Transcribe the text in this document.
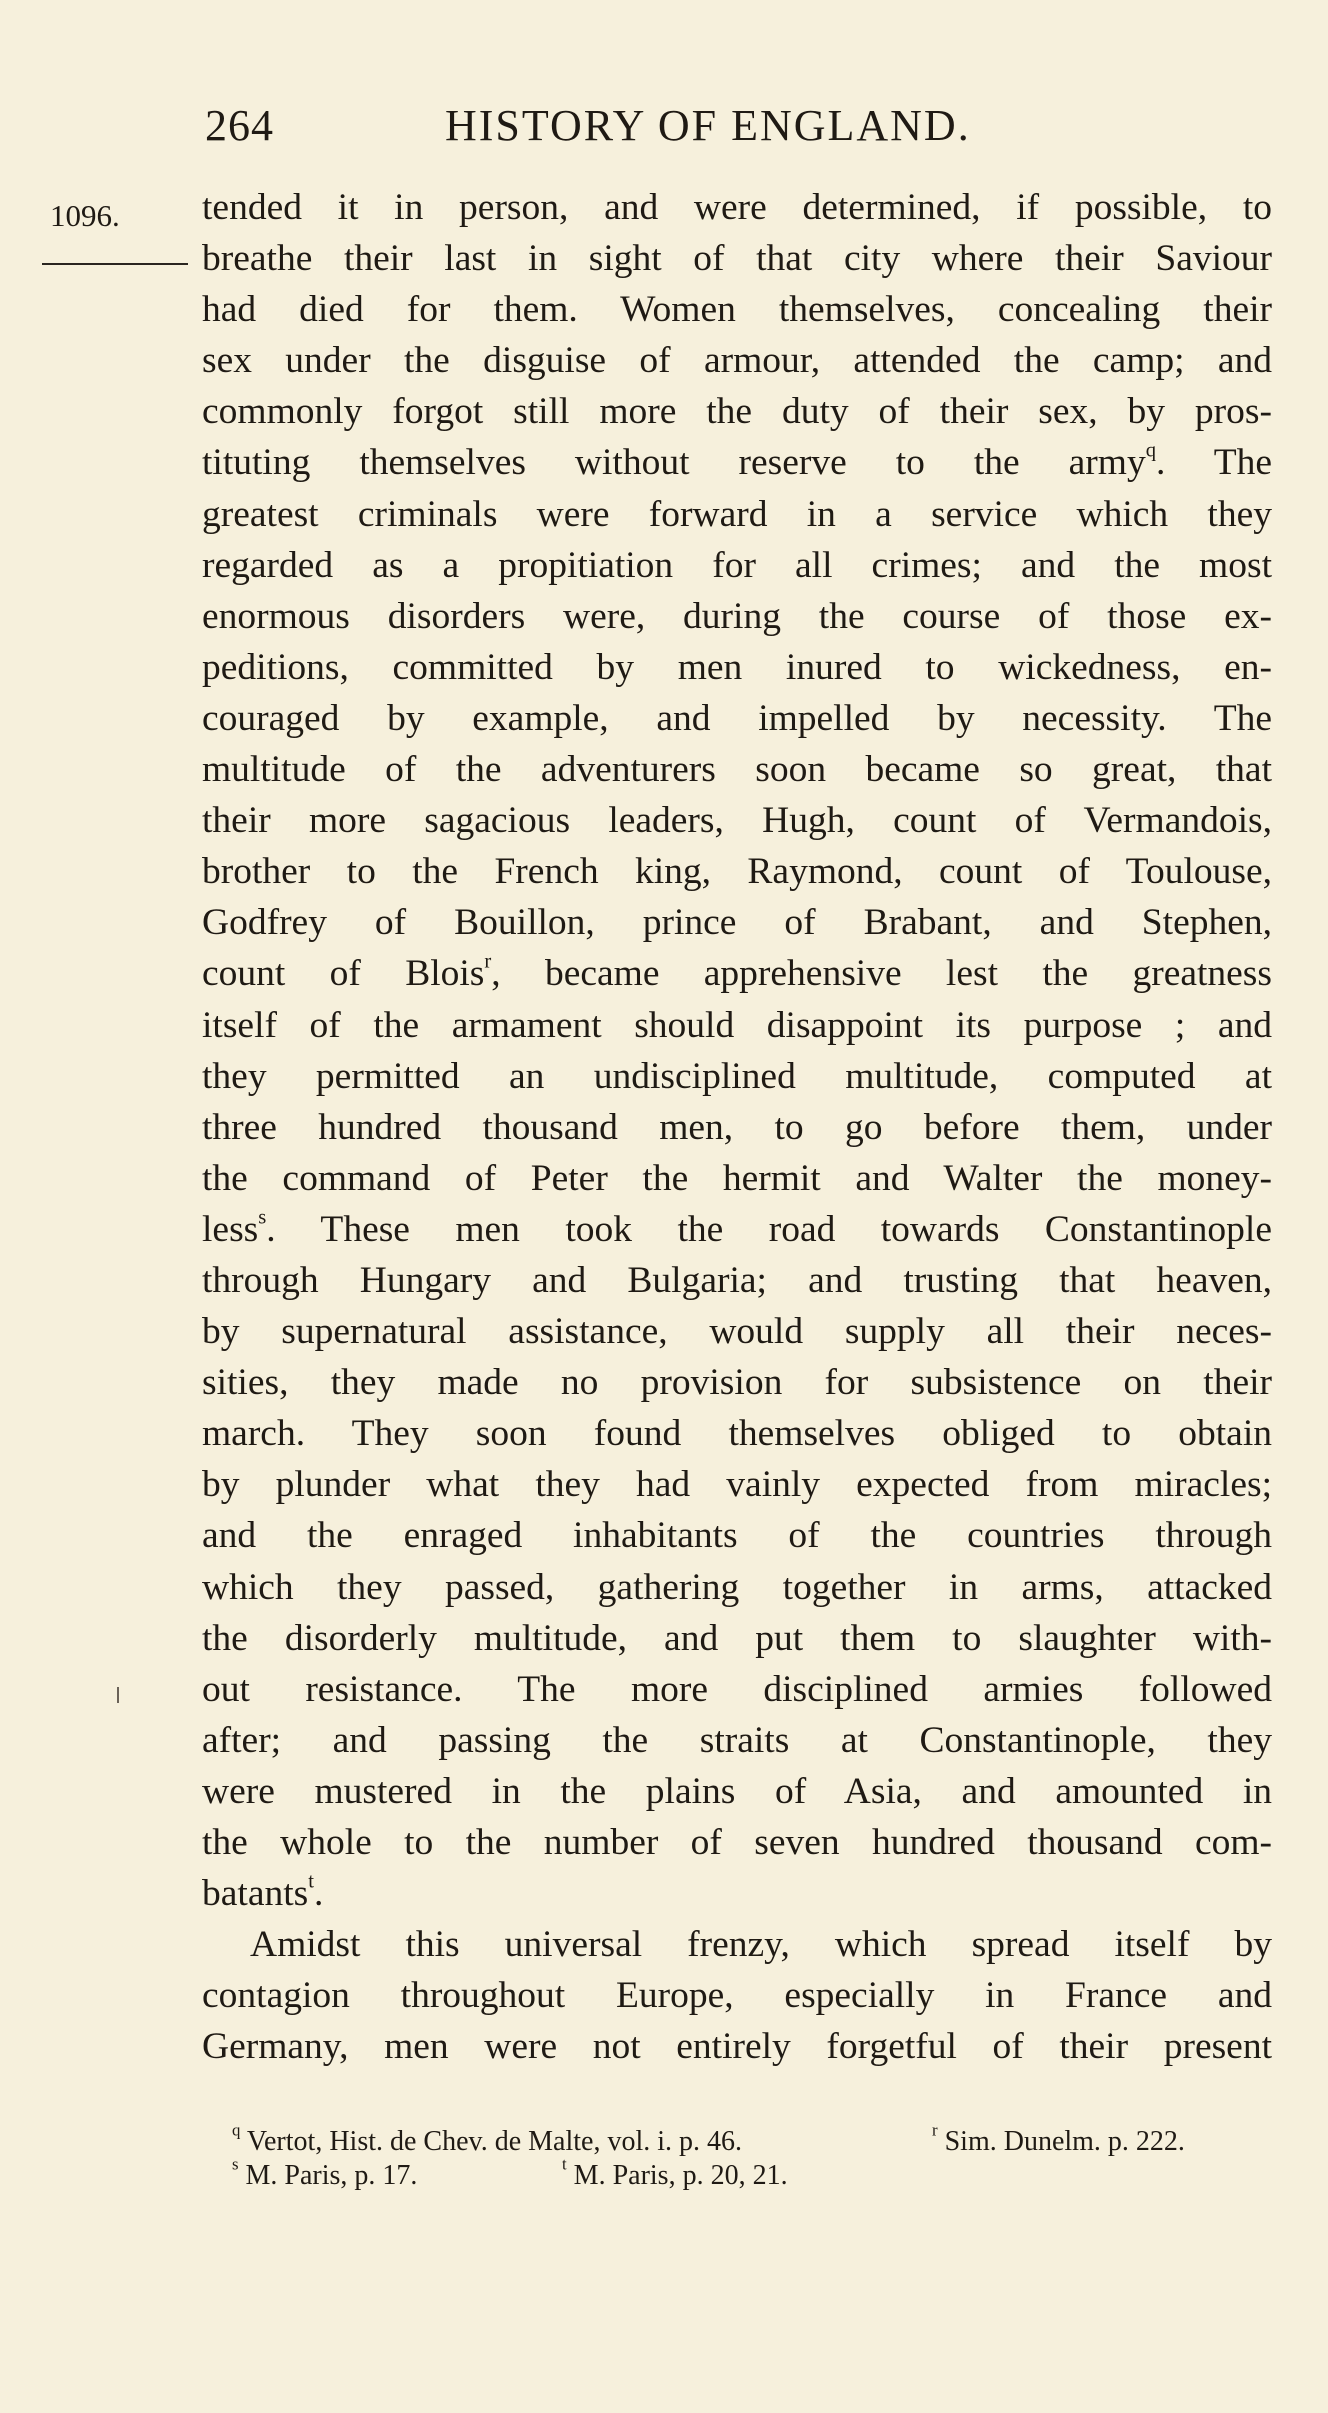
264	HISTORY OF ENGLAND.
1096. tended it in person, and were determined, if possible, to
breathe their last in sight of that city where their Saviour
had died for them. Women themselves, concealing their
sex under the disguise of armour, attended the camp; and
commonly forgot still more the duty of their sex, by pros-
tituting themselves without reserve to the army$^q$. The
greatest criminals were forward in a service which they
regarded as a propitiation for all crimes; and the most
enormous disorders were, during the course of those ex-
peditions, committed by men inured to wickedness, en-
couraged by example, and impelled by necessity. The
multitude of the adventurers soon became so great, that
their more sagacious leaders, Hugh, count of Vermandois,
brother to the French king, Raymond, count of Toulouse,
Godfrey of Bouillon, prince of Brabant, and Stephen,
count of Blois$^r$, became apprehensive lest the greatness
itself of the armament should disappoint its purpose ; and
they permitted an undisciplined multitude, computed at
three hundred thousand men, to go before them, under
the command of Peter the hermit and Walter the money-
less$^s$. These men took the road towards Constantinople
through Hungary and Bulgaria; and trusting that heaven,
by supernatural assistance, would supply all their neces-
sities, they made no provision for subsistence on their
march. They soon found themselves obliged to obtain
by plunder what they had vainly expected from miracles;
and the enraged inhabitants of the countries through
which they passed, gathering together in arms, attacked
the disorderly multitude, and put them to slaughter with-
out resistance. The more disciplined armies followed
after; and passing the straits at Constantinople, they
were mustered in the plains of Asia, and amounted in
the whole to the number of seven hundred thousand com-
batants$^t$.
Amidst this universal frenzy, which spread itself by
contagion throughout Europe, especially in France and
Germany, men were not entirely forgetful of their present
$^q$ Vertot, Hist. de Chev. de Malte, vol. i. p. 46.	$^r$ Sim. Dunelm. p. 222.
$^s$ M. Paris, p. 17.	$^t$ M. Paris, p. 20, 21.
